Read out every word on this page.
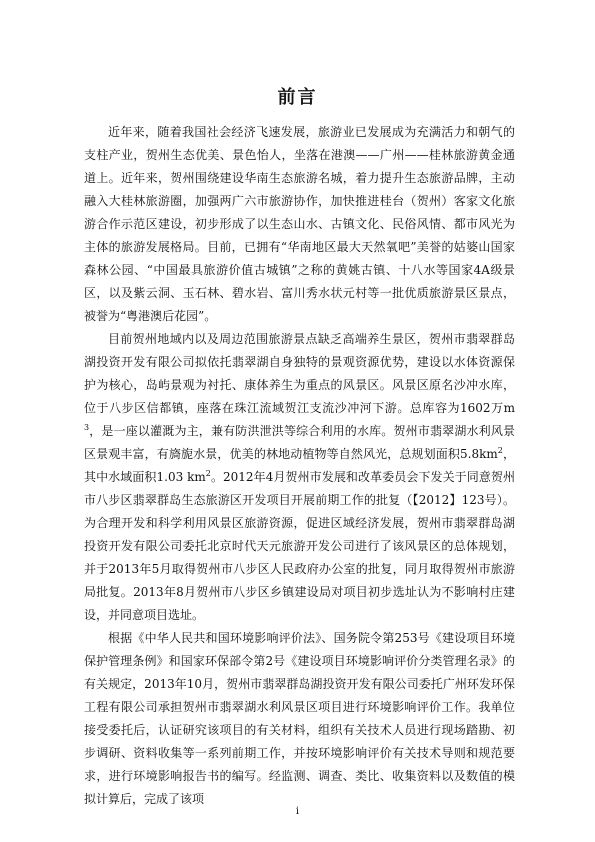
前言

近年来，随着我国社会经济飞速发展，旅游业已发展成为充满活力和朝气的支柱产业，贺州生态优美、景色怡人，坐落在港澳——广州——桂林旅游黄金通道上。近年来，贺州围绕建设华南生态旅游名城，着力提升生态旅游品牌，主动融入大桂林旅游圈，加强两广六市旅游协作，加快推进桂台（贺州）客家文化旅游合作示范区建设，初步形成了以生态山水、古镇文化、民俗风情、都市风光为主体的旅游发展格局。目前，已拥有“华南地区最大天然氧吧”美誉的姑婆山国家森林公园、“中国最具旅游价值古城镇”之称的黄姚古镇、十八水等国家4A级景区，以及紫云洞、玉石林、碧水岩、富川秀水状元村等一批优质旅游景区景点，被誉为“粤港澳后花园”。

目前贺州地域内以及周边范围旅游景点缺乏高端养生景区，贺州市翡翠群岛湖投资开发有限公司拟依托翡翠湖自身独特的景观资源优势，建设以水体资源保护为核心，岛屿景观为衬托、康体养生为重点的风景区。风景区原名沙冲水库，位于八步区信都镇，座落在珠江流域贺江支流沙冲河下游。总库容为1602万$m^3$，是一座以灌溉为主，兼有防洪泄洪等综合利用的水库。贺州市翡翠湖水利风景区景观丰富，有旖旎水景，优美的林地动植物等自然风光，总规划面积$5.8km^2$，其中水域面积1.03 $km^2$。2012年4月贺州市发展和改革委员会下发关于同意贺州市八步区翡翠群岛生态旅游区开发项目开展前期工作的批复（【2012】123号）。为合理开发和科学利用风景区旅游资源，促进区域经济发展，贺州市翡翠群岛湖投资开发有限公司委托北京时代天元旅游开发公司进行了该风景区的总体规划，并于2013年5月取得贺州市八步区人民政府办公室的批复，同月取得贺州市旅游局批复。2013年8月贺州市八步区乡镇建设局对项目初步选址认为不影响村庄建设，并同意项目选址。

根据《中华人民共和国环境影响评价法》、国务院令第253号《建设项目环境保护管理条例》和国家环保部令第2号《建设项目环境影响评价分类管理名录》的有关规定，2013年10月，贺州市翡翠群岛湖投资开发有限公司委托广州环发环保工程有限公司承担贺州市翡翠湖水利风景区项目进行环境影响评价工作。我单位接受委托后，认证研究该项目的有关材料，组织有关技术人员进行现场踏勘、初步调研、资料收集等一系列前期工作，并按环境影响评价有关技术导则和规范要求，进行环境影响报告书的编写。经监测、调查、类比、收集资料以及数值的模拟计算后，完成了该项

i
